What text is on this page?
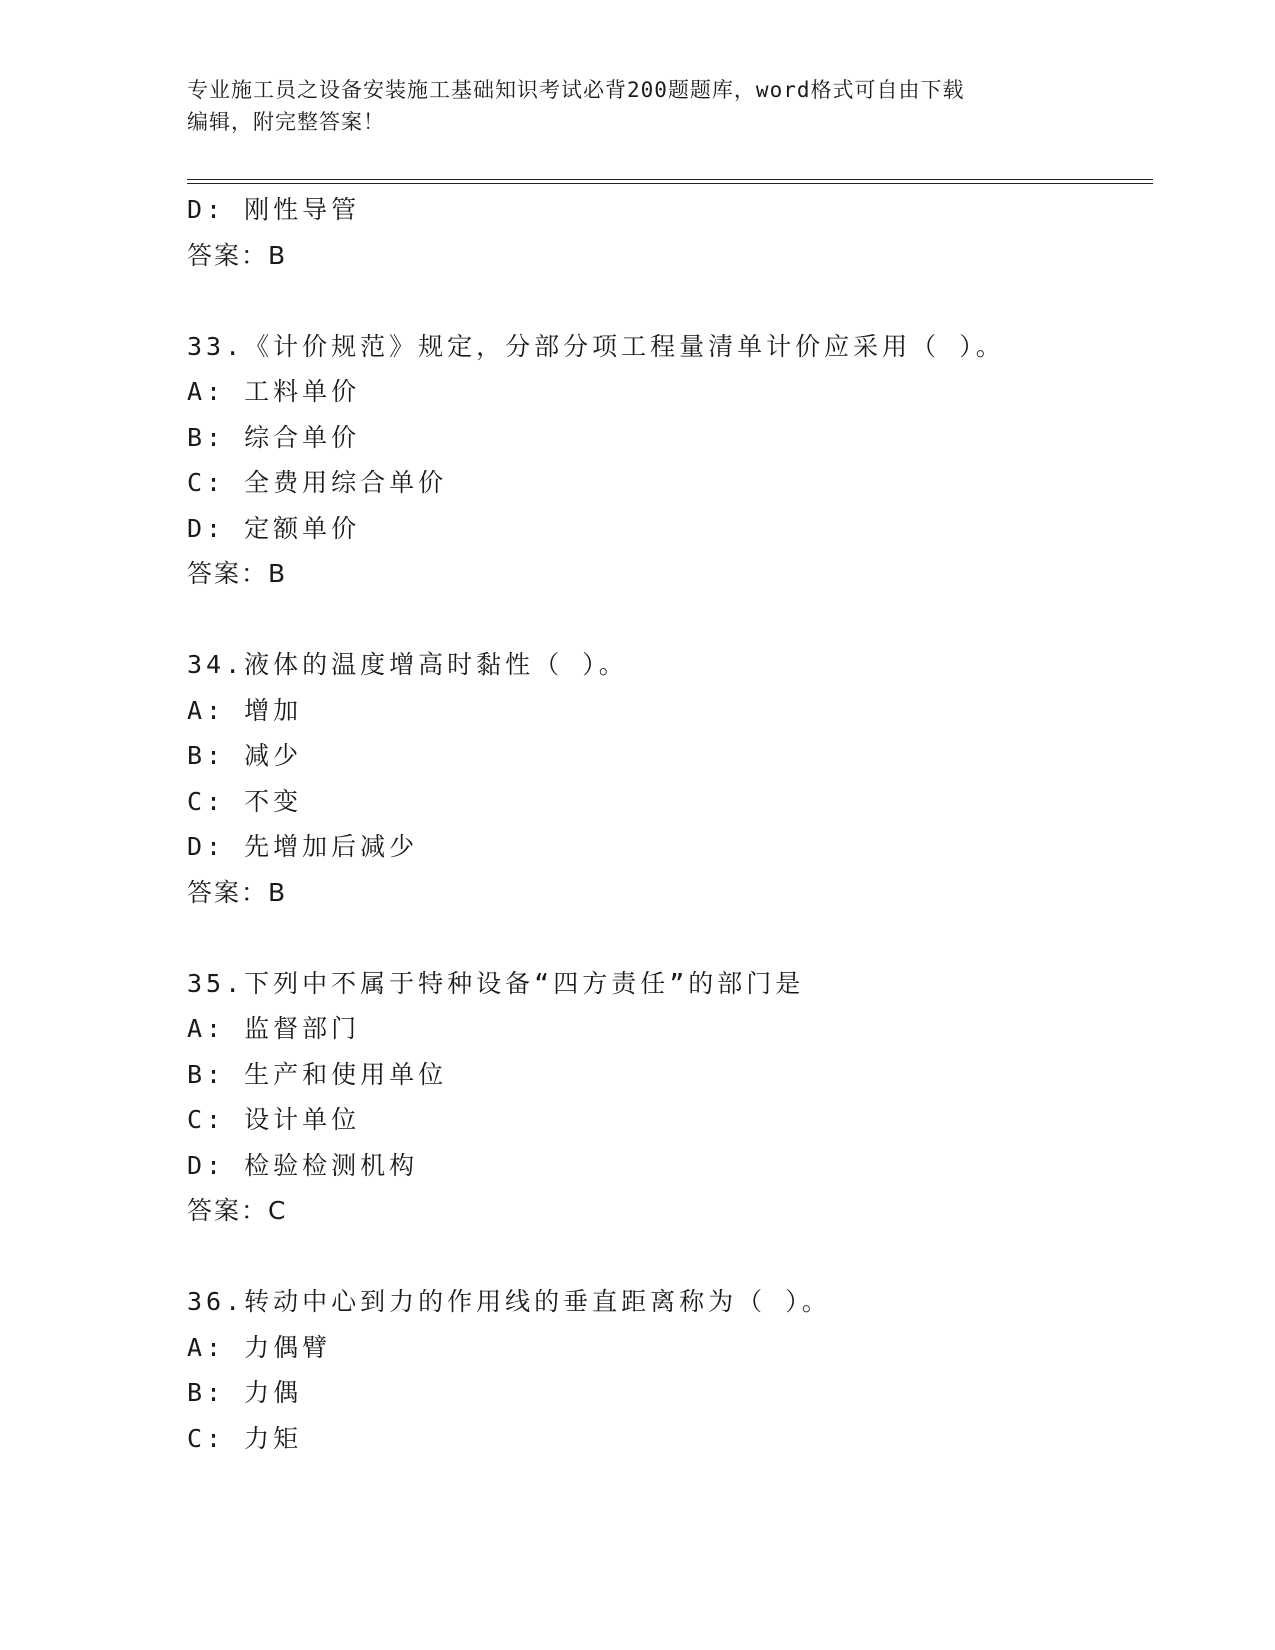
专业施工员之设备安装施工基础知识考试必背200题题库，word格式可自由下载
编辑，附完整答案！
D: 刚性导管
答案：B
33.《计价规范》规定，分部分项工程量清单计价应采用（ ）。
A: 工料单价
B: 综合单价
C: 全费用综合单价
D: 定额单价
答案：B
34.液体的温度增高时黏性（ ）。
A: 增加
B: 减少
C: 不变
D: 先增加后减少
答案：B
35.下列中不属于特种设备“四方责任”的部门是
A: 监督部门
B: 生产和使用单位
C: 设计单位
D: 检验检测机构
答案：C
36.转动中心到力的作用线的垂直距离称为（ ）。
A: 力偶臂
B: 力偶
C: 力矩
